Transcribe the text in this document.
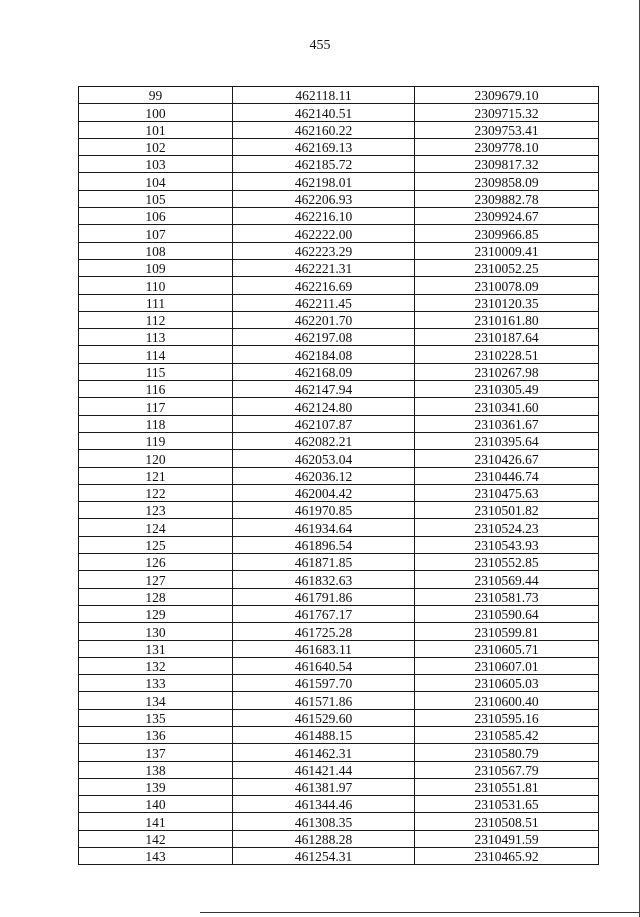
455
99	462118.11	2309679.10
100	462140.51	2309715.32
101	462160.22	2309753.41
102	462169.13	2309778.10
103	462185.72	2309817.32
104	462198.01	2309858.09
105	462206.93	2309882.78
106	462216.10	2309924.67
107	462222.00	2309966.85
108	462223.29	2310009.41
109	462221.31	2310052.25
110	462216.69	2310078.09
111	462211.45	2310120.35
112	462201.70	2310161.80
113	462197.08	2310187.64
114	462184.08	2310228.51
115	462168.09	2310267.98
116	462147.94	2310305.49
117	462124.80	2310341.60
118	462107.87	2310361.67
119	462082.21	2310395.64
120	462053.04	2310426.67
121	462036.12	2310446.74
122	462004.42	2310475.63
123	461970.85	2310501.82
124	461934.64	2310524.23
125	461896.54	2310543.93
126	461871.85	2310552.85
127	461832.63	2310569.44
128	461791.86	2310581.73
129	461767.17	2310590.64
130	461725.28	2310599.81
131	461683.11	2310605.71
132	461640.54	2310607.01
133	461597.70	2310605.03
134	461571.86	2310600.40
135	461529.60	2310595.16
136	461488.15	2310585.42
137	461462.31	2310580.79
138	461421.44	2310567.79
139	461381.97	2310551.81
140	461344.46	2310531.65
141	461308.35	2310508.51
142	461288.28	2310491.59
143	461254.31	2310465.92
